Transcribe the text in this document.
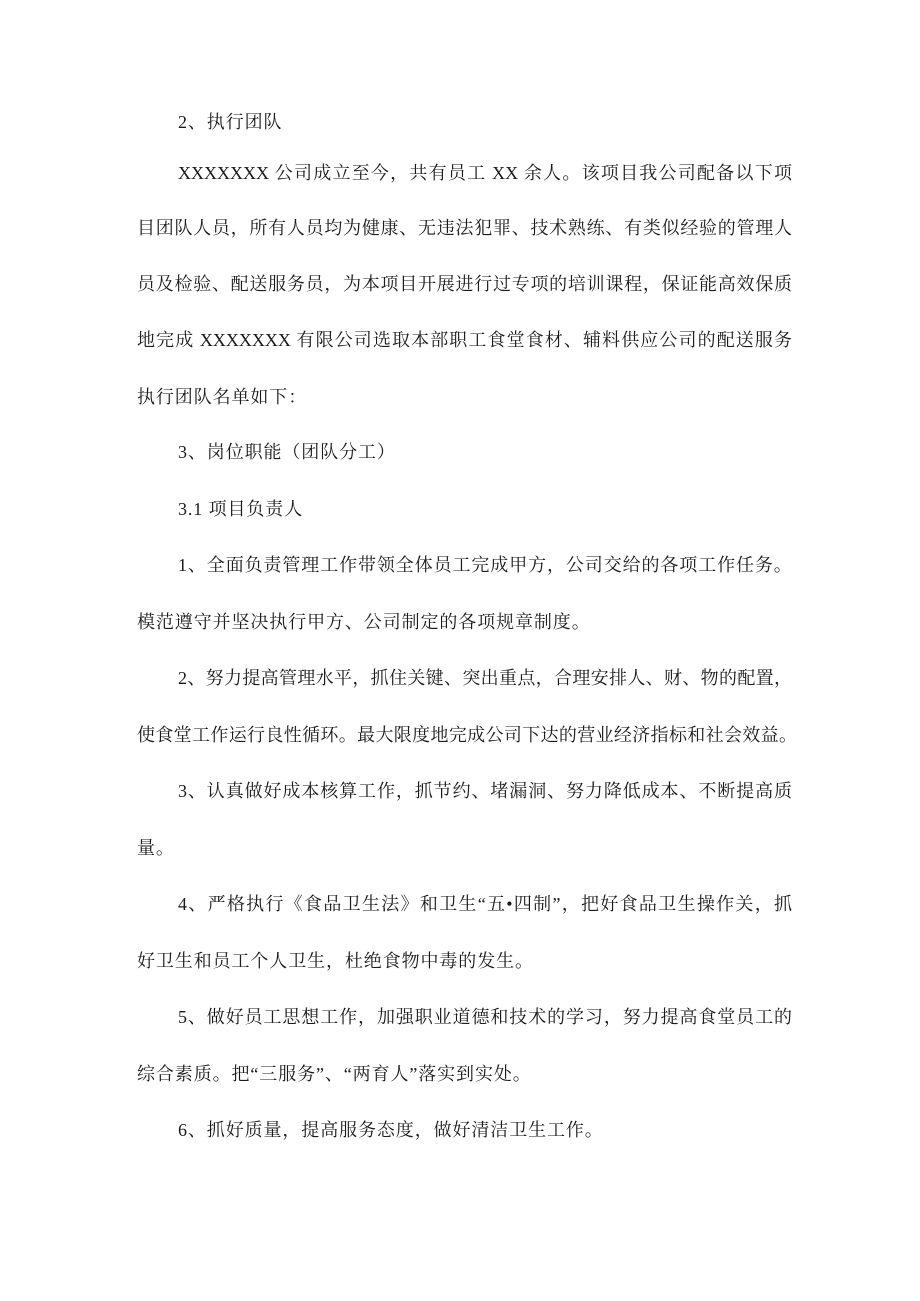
2、执行团队
XXXXXXX 公司成立至今，共有员工 XX 余人。该项目我公司配备以下项
目团队人员，所有人员均为健康、无违法犯罪、技术熟练、有类似经验的管理人
员及检验、配送服务员，为本项目开展进行过专项的培训课程，保证能高效保质
地完成 XXXXXXX 有限公司选取本部职工食堂食材、辅料供应公司的配送服务
执行团队名单如下：
3、岗位职能（团队分工）
3.1 项目负责人
1、全面负责管理工作带领全体员工完成甲方，公司交给的各项工作任务。
模范遵守并坚决执行甲方、公司制定的各项规章制度。
2、努力提高管理水平，抓住关键、突出重点，合理安排人、财、物的配置，
使食堂工作运行良性循环。最大限度地完成公司下达的营业经济指标和社会效益。
3、认真做好成本核算工作，抓节约、堵漏洞、努力降低成本、不断提高质
量。
4、严格执行《食品卫生法》和卫生“五•四制”，把好食品卫生操作关，抓
好卫生和员工个人卫生，杜绝食物中毒的发生。
5、做好员工思想工作，加强职业道德和技术的学习，努力提高食堂员工的
综合素质。把“三服务”、“两育人”落实到实处。
6、抓好质量，提高服务态度，做好清洁卫生工作。
